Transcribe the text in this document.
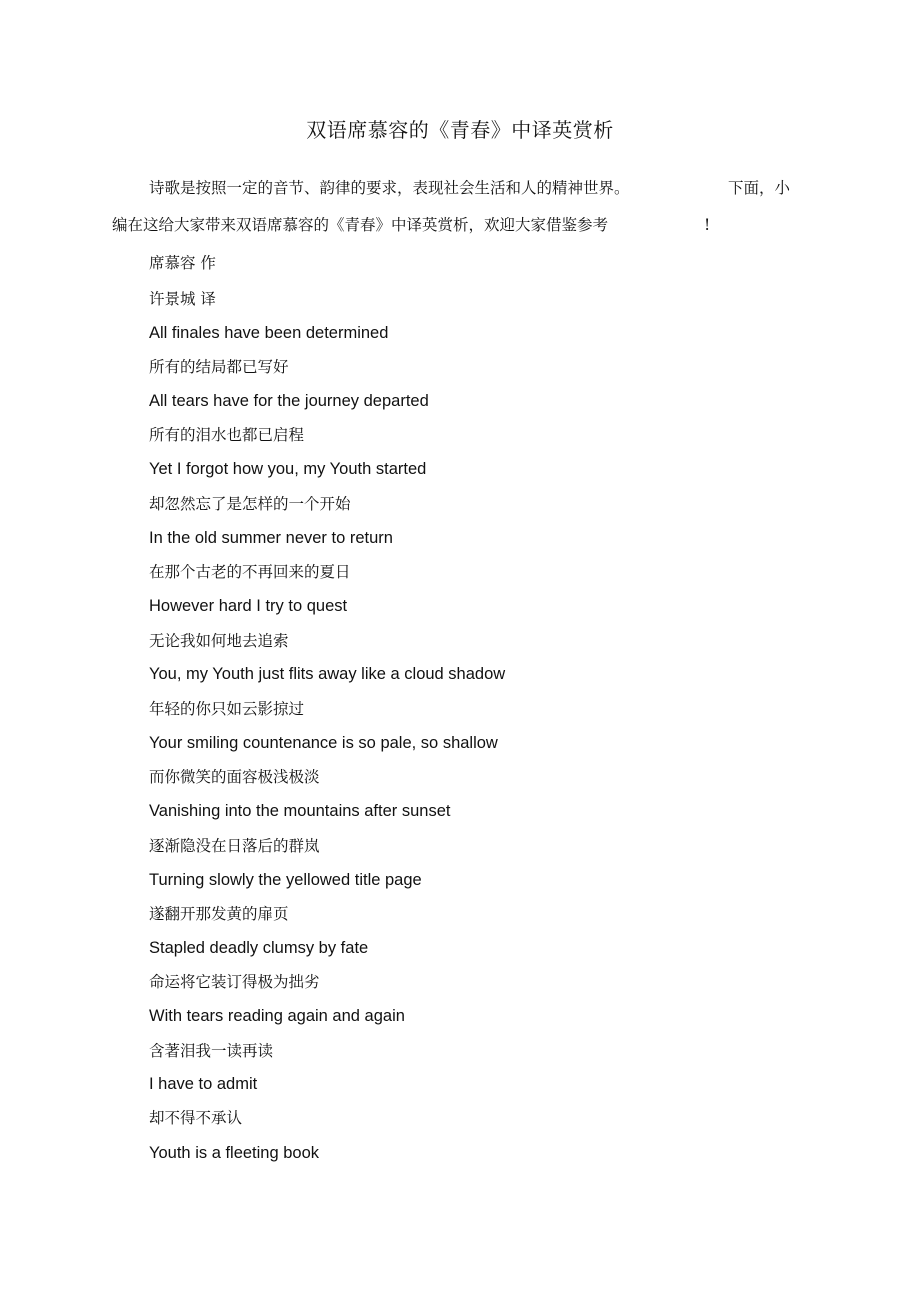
双语席慕容的《青春》中译英赏析
诗歌是按照一定的音节、韵律的要求，表现社会生活和人的精神世界。	下面，小
编在这给大家带来双语席慕容的《青春》中译英赏析，欢迎大家借鉴参考	!
席慕容 作
许景城 译
All finales have been determined
所有的结局都已写好
All tears have for the journey departed
所有的泪水也都已启程
Yet I forgot how you, my Youth started
却忽然忘了是怎样的一个开始
In the old summer never to return
在那个古老的不再回来的夏日
However hard I try to quest
无论我如何地去追索
You, my Youth just flits away like a cloud shadow
年轻的你只如云影掠过
Your smiling countenance is so pale, so shallow
而你微笑的面容极浅极淡
Vanishing into the mountains after sunset
逐渐隐没在日落后的群岚
Turning slowly the yellowed title page
遂翻开那发黄的扉页
Stapled deadly clumsy by fate
命运将它装订得极为拙劣
With tears reading again and again
含著泪我一读再读
I have to admit
却不得不承认
Youth is a fleeting book
